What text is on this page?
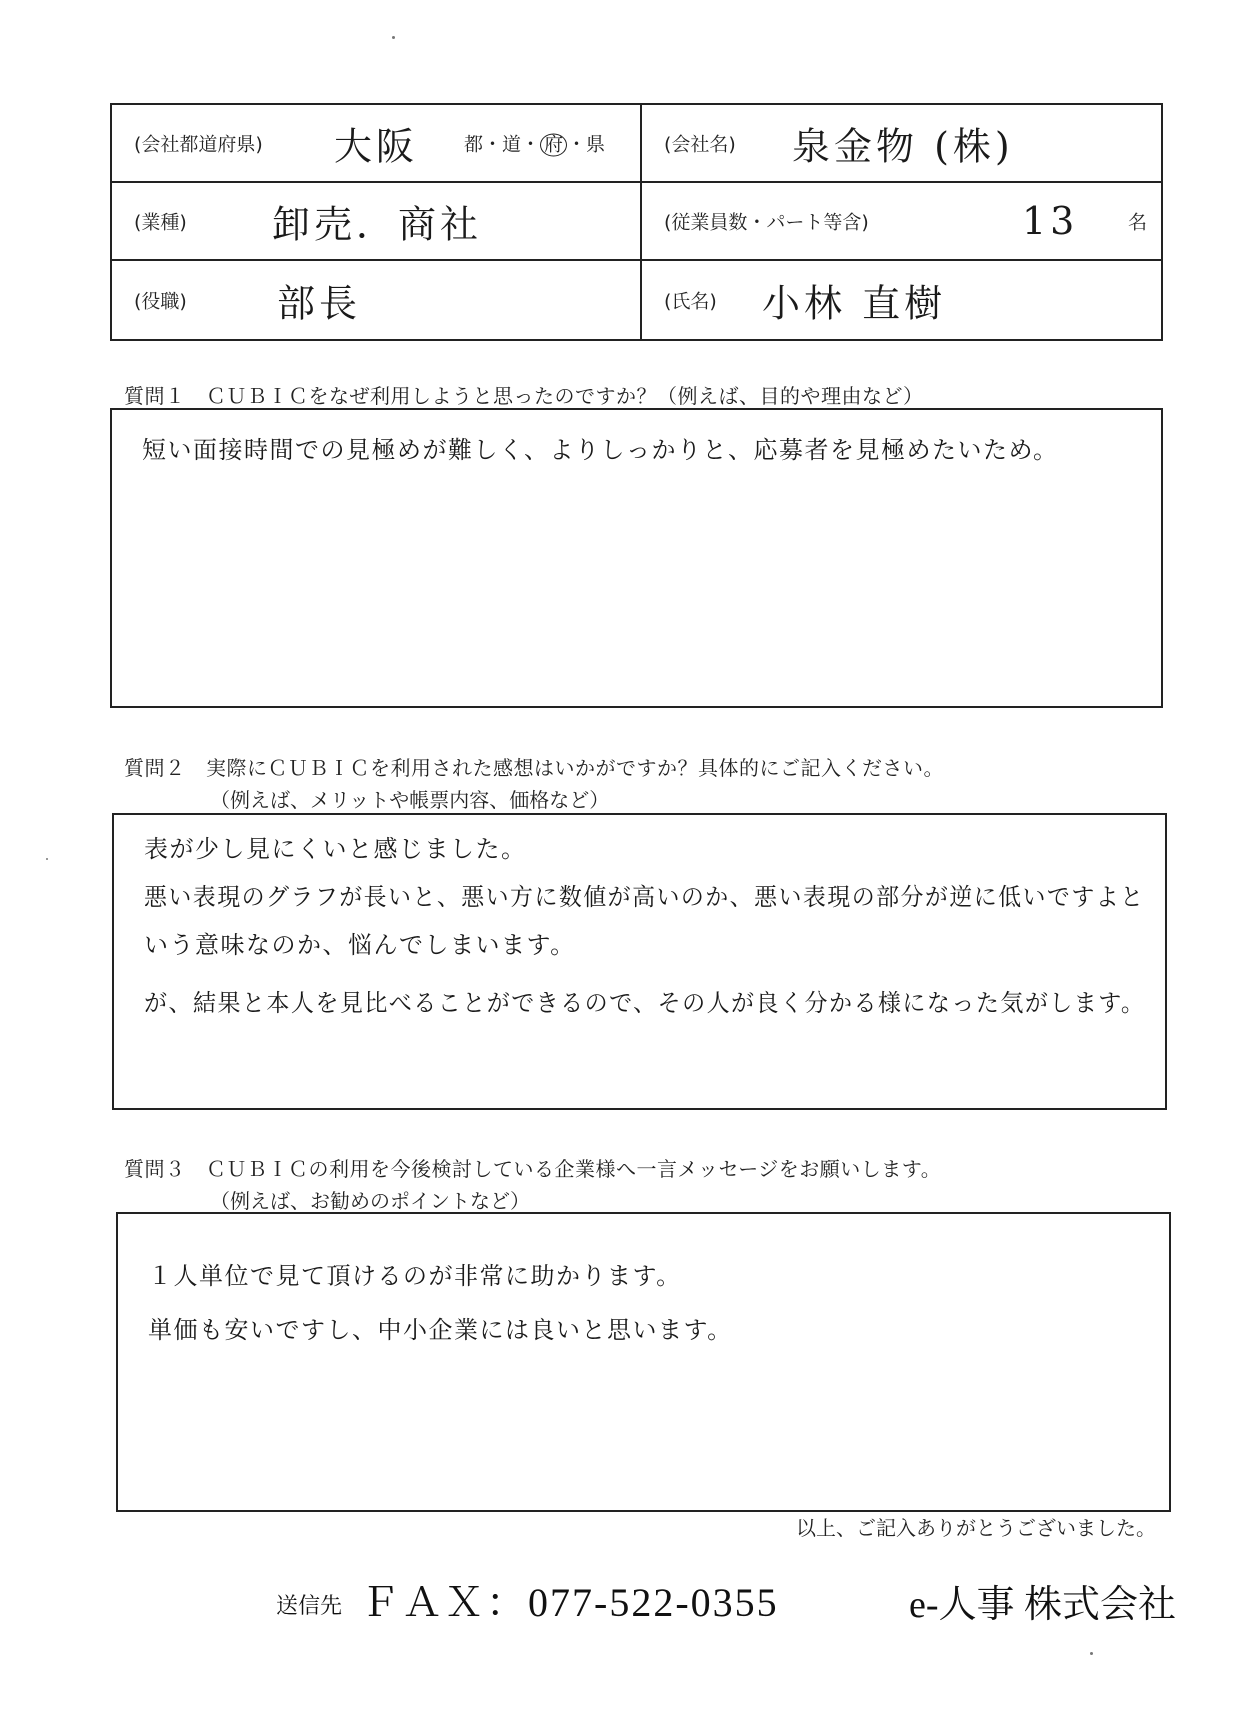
(会社都道府県) 大阪 都・道・ 府 ・県	(会社名) 泉金物 (株)
(業種) 卸売．商社	(従業員数・パート等含)	13	名
(役職) 部長	(氏名) 小林 直樹
質問１　ＣＵＢＩＣをなぜ利用しようと思ったのですか？（例えば、目的や理由など）
短い面接時間での見極めが難しく、よりしっかりと、応募者を見極めたいため。
質問２　実際にＣＵＢＩＣを利用された感想はいかがですか？具体的にご記入ください。
（例えば、メリットや帳票内容、価格など）
表が少し見にくいと感じました。
悪い表現のグラフが長いと、悪い方に数値が高いのか、悪い表現の部分が逆に低いですよと
いう意味なのか、悩んでしまいます。
が、結果と本人を見比べることができるので、その人が良く分かる様になった気がします。
質問３　ＣＵＢＩＣの利用を今後検討している企業様へ一言メッセージをお願いします。
（例えば、お勧めのポイントなど）
１人単位で見て頂けるのが非常に助かります。
単価も安いですし、中小企業には良いと思います。
以上、ご記入ありがとうございました。
送信先 ＦＡＸ：077-522-0355	e-人事 株式会社
